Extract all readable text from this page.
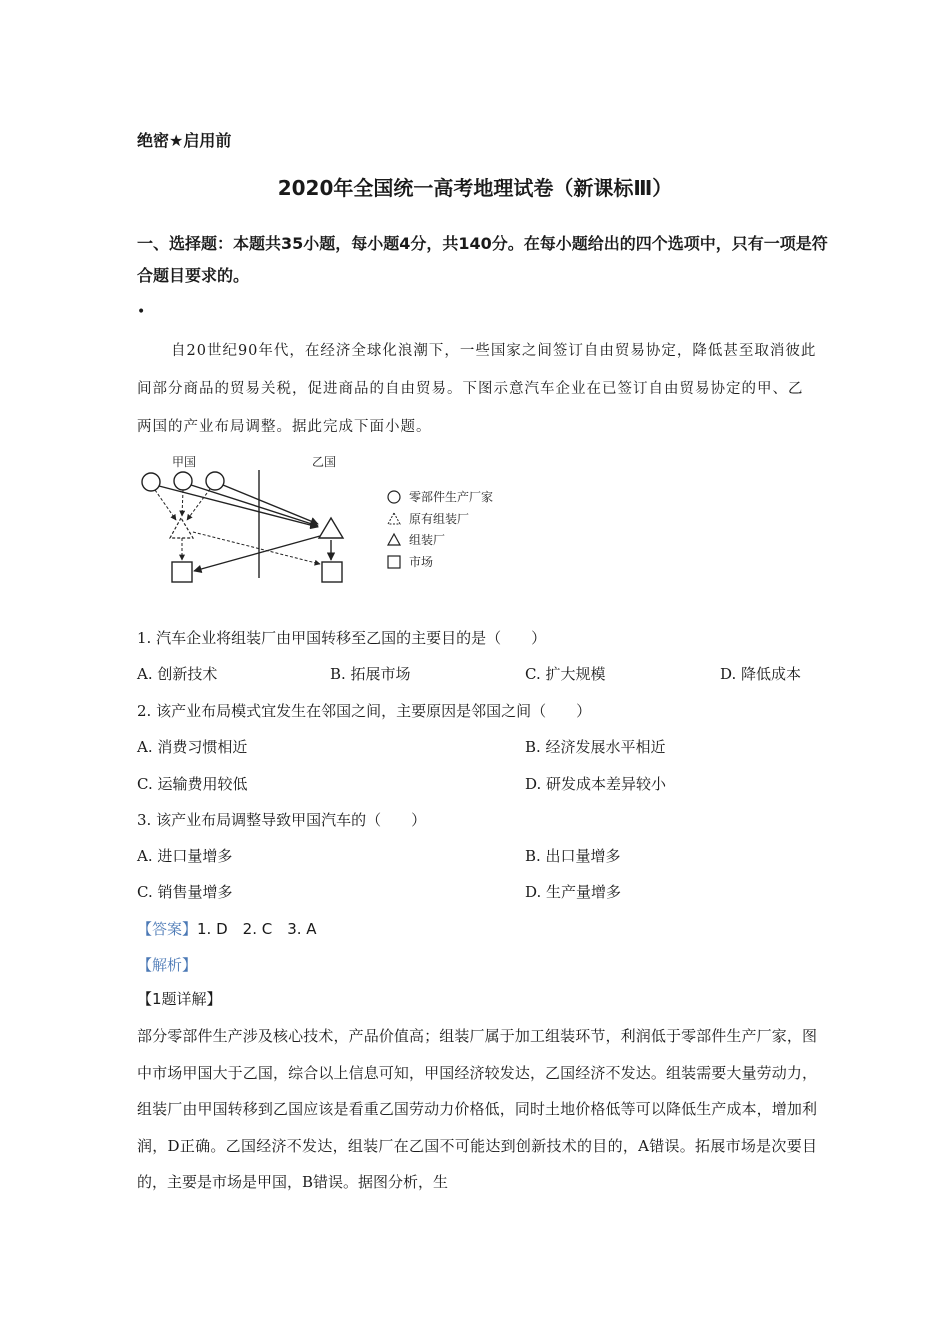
绝密★启用前
2020年全国统一高考地理试卷（新课标Ⅲ）
一、选择题：本题共35小题，每小题4分，共140分。在每小题给出的四个选项中，只有一项是符合题目要求的。
•
自20世纪90年代，在经济全球化浪潮下，一些国家之间签订自由贸易协定，降低甚至取消彼此间部分商品的贸易关税，促进商品的自由贸易。下图示意汽车企业在已签订自由贸易协定的甲、乙两国的产业布局调整。据此完成下面小题。
甲国	乙国
零部件生产厂家
原有组装厂
组装厂
市场
1. 汽车企业将组装厂由甲国转移至乙国的主要目的是（　　）
A. 创新技术	B. 拓展市场	C. 扩大规模	D. 降低成本
2. 该产业布局模式宜发生在邻国之间，主要原因是邻国之间（　　）
A. 消费习惯相近	B. 经济发展水平相近
C. 运输费用较低	D. 研发成本差异较小
3. 该产业布局调整导致甲国汽车的（　　）
A. 进口量增多	B. 出口量增多
C. 销售量增多	D. 生产量增多
【答案】1. D　2. C　3. A
【解析】
【1题详解】
部分零部件生产涉及核心技术，产品价值高；组装厂属于加工组装环节，利润低于零部件生产厂家，图中市场甲国大于乙国，综合以上信息可知，甲国经济较发达，乙国经济不发达。组装需要大量劳动力，组装厂由甲国转移到乙国应该是看重乙国劳动力价格低，同时土地价格低等可以降低生产成本，增加利润，D正确。乙国经济不发达，组装厂在乙国不可能达到创新技术的目的，A错误。拓展市场是次要目的，主要是市场是甲国，B错误。据图分析，生
